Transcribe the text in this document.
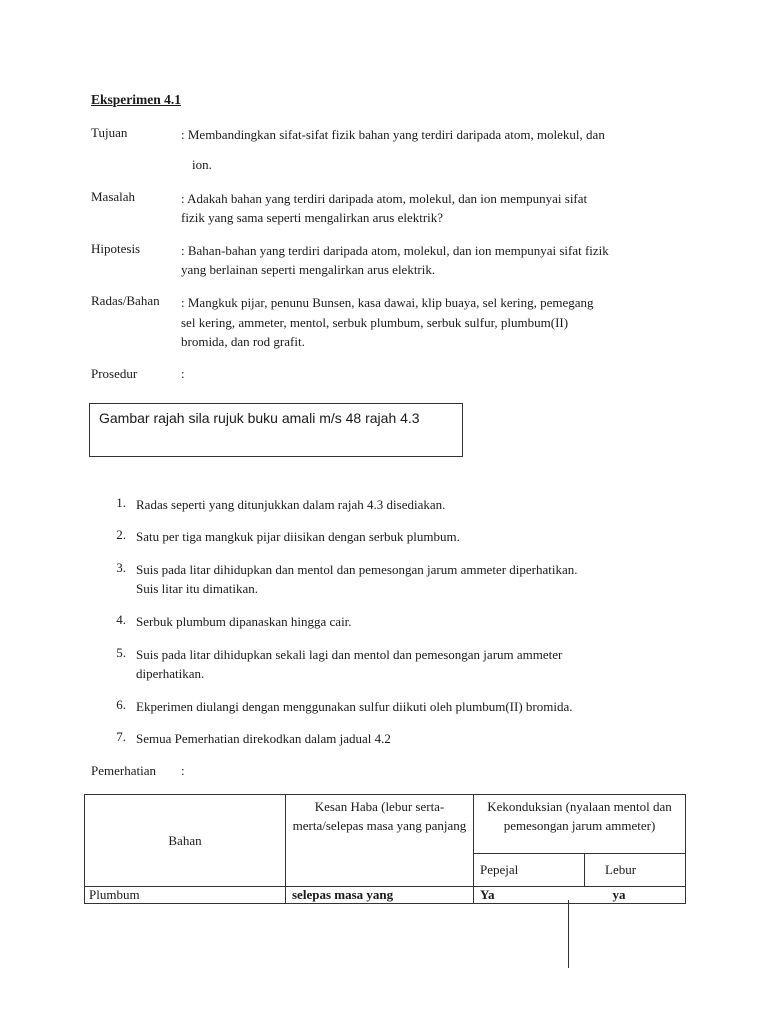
Eksperimen 4.1
Tujuan	: Membandingkan sifat-sifat fizik bahan yang terdiri daripada atom, molekul, dan
ion.
Masalah	: Adakah bahan yang terdiri daripada atom, molekul, dan ion mempunyai sifat
fizik yang sama seperti mengalirkan arus elektrik?
Hipotesis	: Bahan-bahan yang terdiri daripada atom, molekul, dan ion mempunyai sifat fizik
yang berlainan seperti mengalirkan arus elektrik.
Radas/Bahan : Mangkuk pijar, penunu Bunsen, kasa dawai, klip buaya, sel kering, pemegang
sel kering, ammeter, mentol, serbuk plumbum, serbuk sulfur, plumbum(II)
bromida, dan rod grafit.
Prosedur	:
Gambar rajah sila rujuk buku amali m/s 48 rajah 4.3
1. Radas seperti yang ditunjukkan dalam rajah 4.3 disediakan.
2. Satu per tiga mangkuk pijar diisikan dengan serbuk plumbum.
3. Suis pada litar dihidupkan dan mentol dan pemesongan jarum ammeter diperhatikan.
Suis litar itu dimatikan.
4. Serbuk plumbum dipanaskan hingga cair.
5. Suis pada litar dihidupkan sekali lagi dan mentol dan pemesongan jarum ammeter
diperhatikan.
6. Ekperimen diulangi dengan menggunakan sulfur diikuti oleh plumbum(II) bromida.
7. Semua Pemerhatian direkodkan dalam jadual 4.2
Pemerhatian :
Bahan	Kesan Haba (lebur serta-merta/selepas masa yang panjang	Kekonduksian (nyalaan mentol dan pemesongan jarum ammeter)	
		Pepejal	Lebur
Plumbum	selepas masa yang	Ya	ya
